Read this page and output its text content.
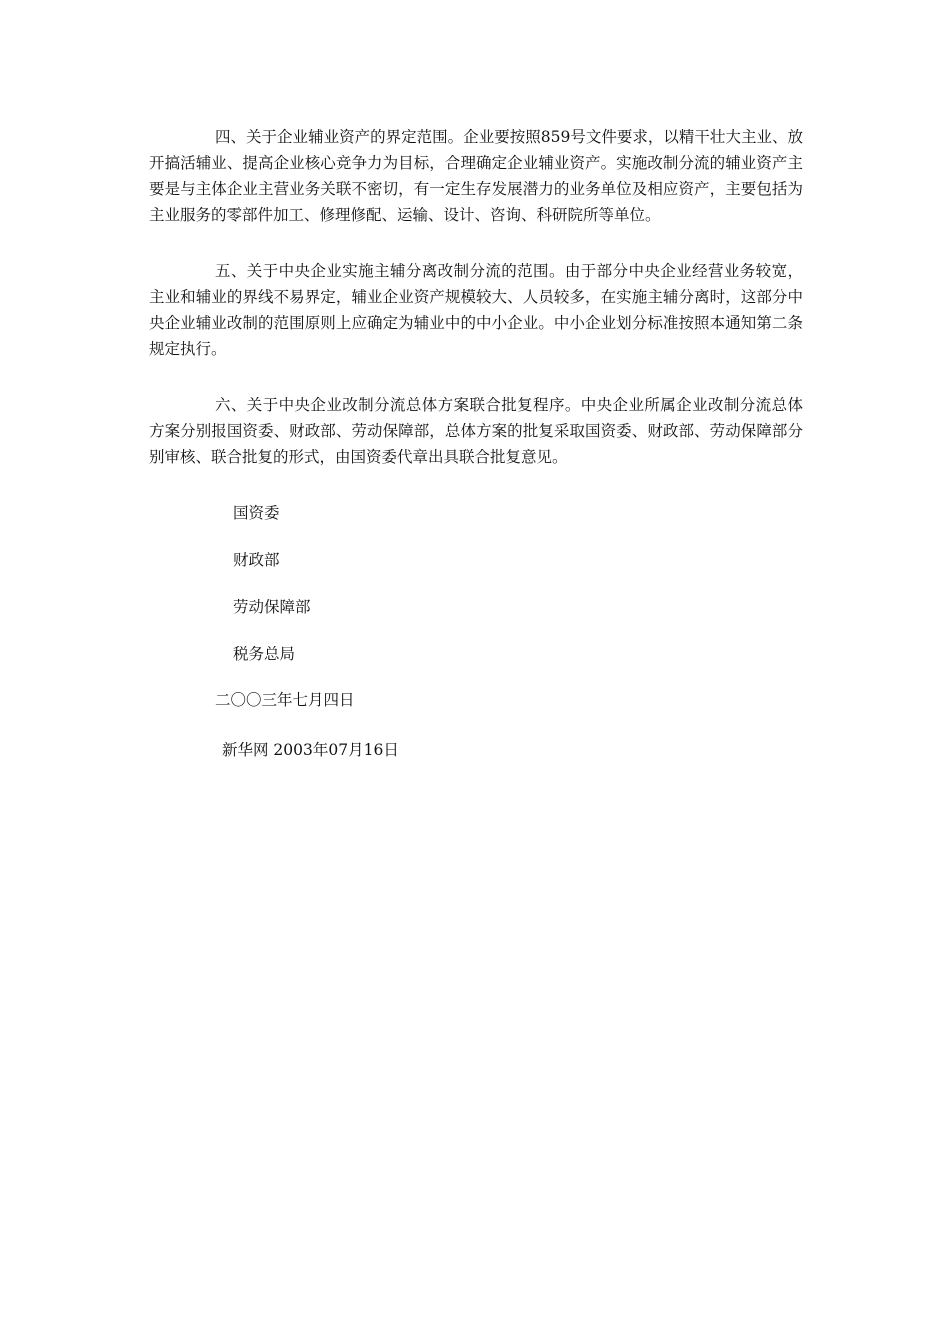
四、关于企业辅业资产的界定范围。企业要按照859号文件要求，以精干壮大主业、放开搞活辅业、提高企业核心竞争力为目标，合理确定企业辅业资产。实施改制分流的辅业资产主要是与主体企业主营业务关联不密切，有一定生存发展潜力的业务单位及相应资产，主要包括为主业服务的零部件加工、修理修配、运输、设计、咨询、科研院所等单位。

五、关于中央企业实施主辅分离改制分流的范围。由于部分中央企业经营业务较宽，主业和辅业的界线不易界定，辅业企业资产规模较大、人员较多，在实施主辅分离时，这部分中央企业辅业改制的范围原则上应确定为辅业中的中小企业。中小企业划分标准按照本通知第二条规定执行。

六、关于中央企业改制分流总体方案联合批复程序。中央企业所属企业改制分流总体方案分别报国资委、财政部、劳动保障部，总体方案的批复采取国资委、财政部、劳动保障部分别审核、联合批复的形式，由国资委代章出具联合批复意见。

国资委
财政部
劳动保障部
税务总局
二〇〇三年七月四日
新华网 2003年07月16日
